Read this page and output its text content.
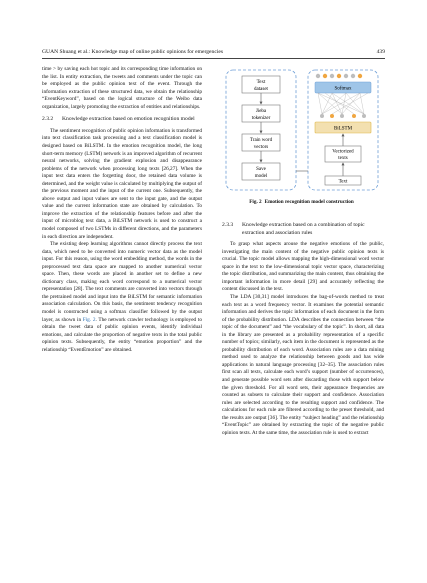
GUAN Shuang et al.: Knowledge map of online public opinions for emergencies	439

time > by saving each hot topic and its corresponding time information on the list. In entity extraction, the tweets and comments under the topic can be employed as the public opinion text of the event. Through the information extraction of these structured data, we obtain the relationship “EventKeyword”, based on the logical structure of the Weibo data organization, largely promoting the extraction of entities and relationships.

2.3.2	Knowledge extraction based on emotion recognition model

The sentiment recognition of public opinion information is transformed into text classification task processing and a text classification model is designed based on BiLSTM. In the emotion recognition model, the long short-term memory (LSTM) network is an improved algorithm of recurrent neural networks, solving the gradient explosion and disappearance problems of the network when processing long texts [26,27]. When the input text data enters the forgetting door, the retained data volume is determined, and the weight value is calculated by multiplying the output of the previous moment and the input of the current one. Subsequently, the above output and input values are sent to the input gate, and the output value and the current information state are obtained by calculation. To improve the extraction of the relationship features before and after the input of microblog text data, a BiLSTM network is used to construct a model composed of two LSTMs in different directions, and the parameters in each direction are independent.

The existing deep learning algorithms cannot directly process the text data, which need to be converted into numeric vector data as the model input. For this reason, using the word embedding method, the words in the preprocessed text data space are mapped to another numerical vector space. Then, these words are placed in another set to define a new dictionary class, making each word correspond to a numerical vector representation [28]. The text comments are converted into vectors through the pretrained model and input into the BiLSTM for semantic information association calculation. On this basis, the sentiment tendency recognition model is constructed using a softmax classifier followed by the output layer, as shown in Fig. 2. The network crawler technology is employed to obtain the tweet data of public opinion events, identify individual emotions, and calculate the proportion of negative texts in the total public opinion texts. Subsequently, the entity “emotion proportion” and the relationship “EventEmotion” are obtained.

Text
dataset
Jieba
tokenizer
Train word
vectors
Save
model
Softmax
BiLSTM
Vectorized
texts
Text
Fig. 2 Emotion recognition model construction
2.3.3	Knowledge extraction based on a combination of topic extraction and association rules

To grasp what aspects arouse the negative emotions of the public, investigating the main content of the negative public opinion texts is crucial. The topic model allows mapping the high-dimensional word vector space in the text to the low-dimensional topic vector space, characterizing the topic distribution, and summarizing the main content, thus obtaining the important information in more detail [29] and accurately reflecting the content discussed in the text.

The LDA [30,31] model introduces the bag-of-words method to treat each text as a word frequency vector. It examines the potential semantic information and derives the topic information of each document in the form of the probability distribution. LDA describes the connection between “the topic of the document” and “the vocabulary of the topic”. In short, all data in the library are presented as a probability representation of a specific number of topics; similarly, each item in the document is represented as the probability distribution of each word. Association rules are a data mining method used to analyze the relationship between goods and has wide applications in natural language processing [32–35]. The association rules first scan all texts, calculate each word’s support (number of occurrences), and generate possible word sets after discarding those with support below the given threshold. For all word sets, their appearance frequencies are counted as subsets to calculate their support and confidence. Association rules are selected according to the resulting support and confidence. The calculations for each rule are filtered according to the preset threshold, and the results are output [36]. The entity “subject heading” and the relationship “EventTopic” are obtained by extracting the topic of the negative public opinion texts. At the same time, the association rule is used to extract
